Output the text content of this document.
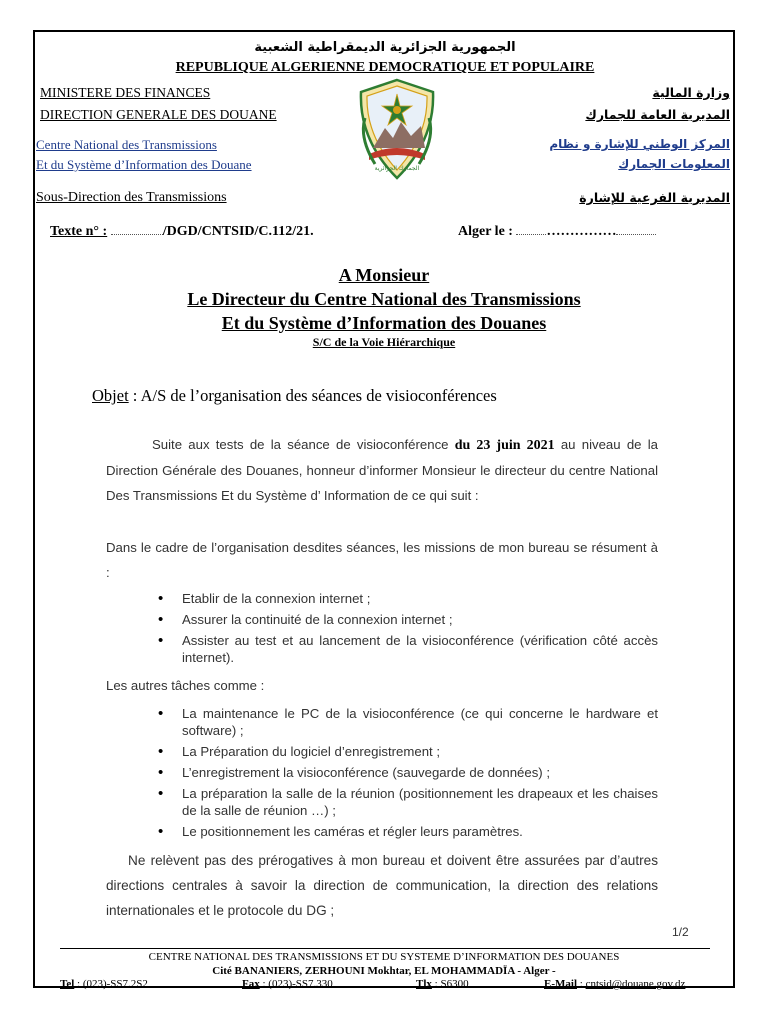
الجمهورية الجزائرية الديمقراطية الشعبية
REPUBLIQUE ALGERIENNE DEMOCRATIQUE ET POPULAIRE
MINISTERE DES FINANCES
DIRECTION GENERALE DES DOUANE
Centre National des Transmissions
Et du Système d’Information des Douane
Sous-Direction des Transmissions
وزارة المالية
المديرية العامة للجمارك
المركز الوطني للإشارة و نظام
المعلومات الجمارك
المديرية الفرعية للإشارة
الجمارك الجزائرية
Texte n° :	/DGD/CNTSID/C.112/21.	Alger le : ……………
A Monsieur
Le Directeur du Centre National des Transmissions
Et du Système d’Information des Douanes
S/C de la Voie Hiérarchique
Objet : A/S de l’organisation des séances de visioconférences
Suite aux tests de la séance de visioconférence du 23 juin 2021 au niveau de la Direction Générale des Douanes, honneur d’informer Monsieur le directeur du centre National Des Transmissions Et du Système d’ Information de ce qui suit :
Dans le cadre de l’organisation desdites séances, les missions de mon bureau se résument à :
• Etablir de la connexion internet ;
• Assurer la continuité de la connexion internet ;
• Assister au test et au lancement de la visioconférence (vérification côté accès internet).
Les autres tâches comme :
• La maintenance le PC de la visioconférence (ce qui concerne le hardware et software) ;
• La Préparation du logiciel d’enregistrement ;
• L’enregistrement la visioconférence (sauvegarde de données) ;
• La préparation la salle de la réunion (positionnement les drapeaux et les chaises de la salle de réunion …) ;
• Le positionnement les caméras et régler leurs paramètres.
Ne relèvent pas des prérogatives à mon bureau et doivent être assurées par d’autres directions centrales à savoir la direction de communication, la direction des relations internationales et le protocole du DG ;
1/2
CENTRE NATIONAL DES TRANSMISSIONS ET DU SYSTEME D’INFORMATION DES DOUANES
Cité BANANIERS, ZERHOUNI Mokhtar, EL MOHAMMADÏA - Alger -
Tel : (023)-SS7.2S2	Fax : (023)-SS7.330	Tlx : S6300	E-Mail : cntsid@douane.gov.dz
